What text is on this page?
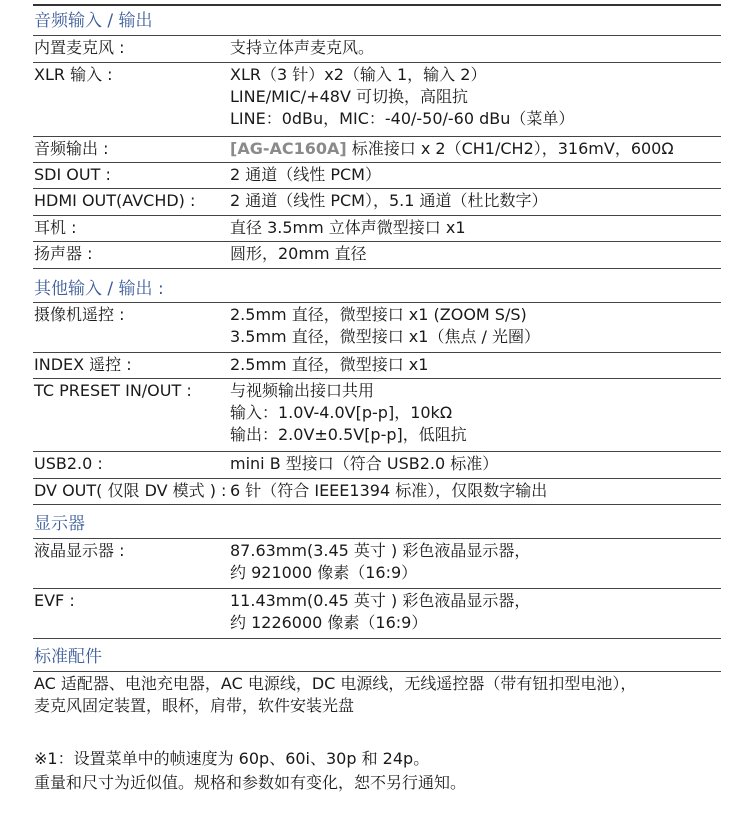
音频输入 / 输出
内置麦克风 :	支持立体声麦克风。
XLR 输入 :	XLR（3 针）x2（输入 1，输入 2）
LINE/MIC/+48V 可切换，高阻抗
LINE：0dBu，MIC：-40/-50/-60 dBu（菜单）
音频输出 :	[AG-AC160A] 标准接口 x 2（CH1/CH2），316mV，600Ω
SDI OUT :	2 通道（线性 PCM）
HDMI OUT(AVCHD) : 2 通道（线性 PCM），5.1 通道（杜比数字）
耳机 :	直径 3.5mm 立体声微型接口 x1
扬声器 :	圆形，20mm 直径
其他输入 / 输出 :
摄像机遥控 :	2.5mm 直径，微型接口 x1 (ZOOM S/S)
3.5mm 直径，微型接口 x1（焦点 / 光圈）
INDEX 遥控 :	2.5mm 直径，微型接口 x1
TC PRESET IN/OUT : 与视频输出接口共用
输入：1.0V-4.0V[p-p]，10kΩ
输出：2.0V±0.5V[p-p]，低阻抗
USB2.0 :	mini B 型接口（符合 USB2.0 标准）
DV OUT( 仅限 DV 模式 ) : 6 针（符合 IEEE1394 标准），仅限数字输出
显示器
液晶显示器 :	87.63mm(3.45 英寸 ) 彩色液晶显示器，
约 921000 像素（16:9）
EVF :	11.43mm(0.45 英寸 ) 彩色液晶显示器，
约 1226000 像素（16:9）
标准配件
AC 适配器、电池充电器，AC 电源线，DC 电源线，无线遥控器（带有钮扣型电池），
麦克风固定装置，眼杯，肩带，软件安装光盘
※1：设置菜单中的帧速度为 60p、60i、30p 和 24p。
重量和尺寸为近似值。规格和参数如有变化，恕不另行通知。
